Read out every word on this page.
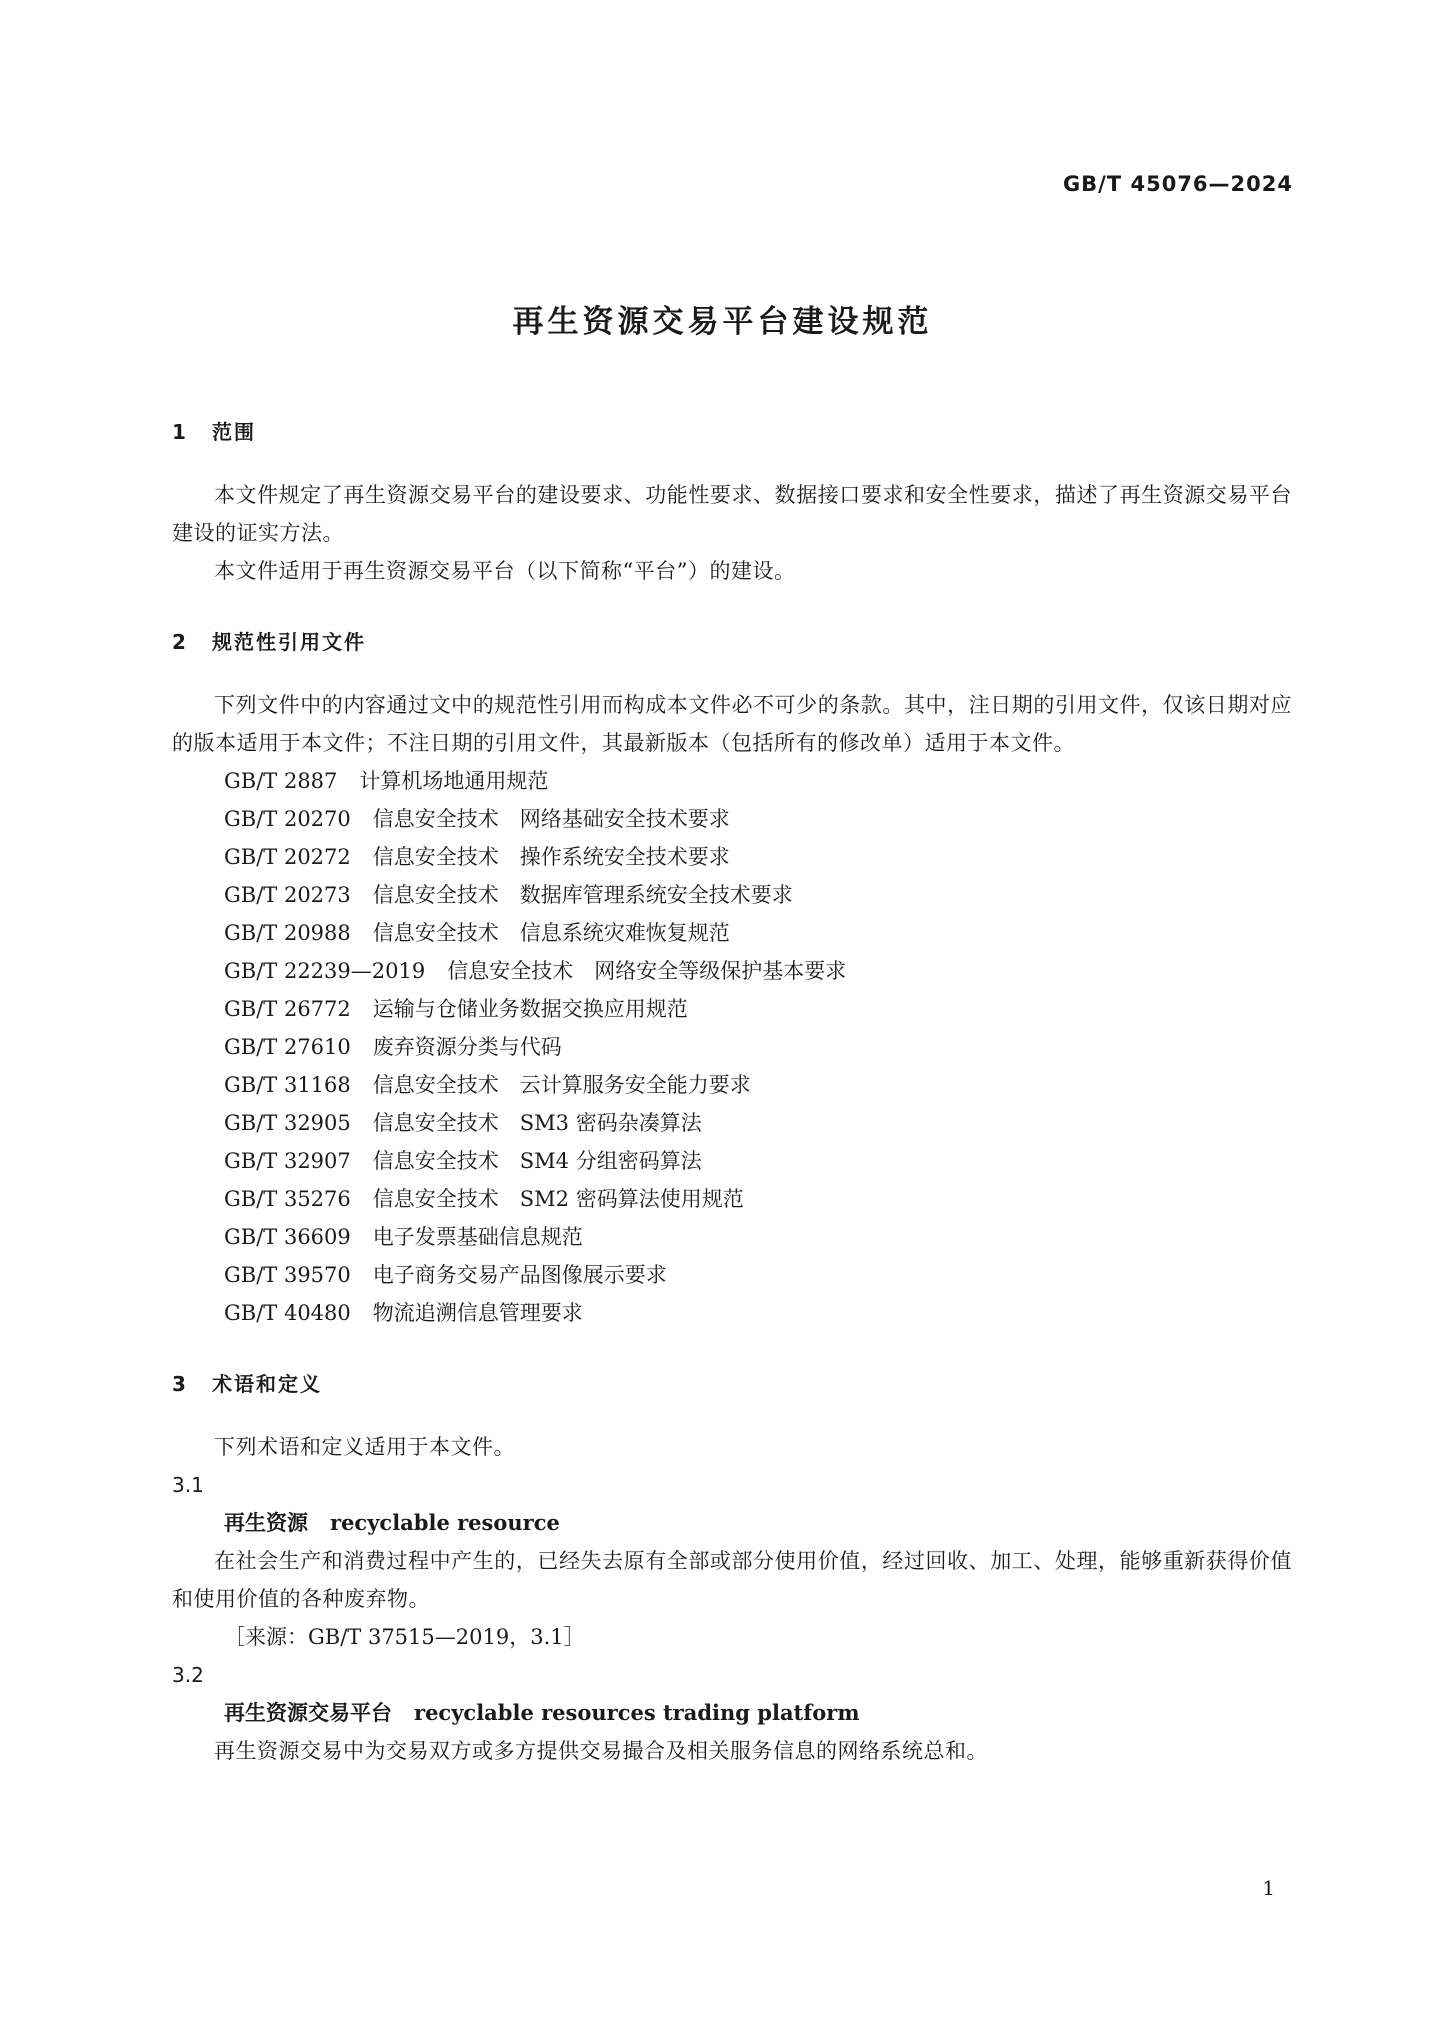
GB/T 45076—2024
再生资源交易平台建设规范
1 范围
本文件规定了再生资源交易平台的建设要求、功能性要求、数据接口要求和安全性要求，描述了再生资源交易平台建设的证实方法。
本文件适用于再生资源交易平台（以下简称“平台”）的建设。
2 规范性引用文件
下列文件中的内容通过文中的规范性引用而构成本文件必不可少的条款。其中，注日期的引用文件，仅该日期对应的版本适用于本文件；不注日期的引用文件，其最新版本（包括所有的修改单）适用于本文件。
GB/T 2887 计算机场地通用规范
GB/T 20270 信息安全技术　网络基础安全技术要求
GB/T 20272 信息安全技术　操作系统安全技术要求
GB/T 20273 信息安全技术　数据库管理系统安全技术要求
GB/T 20988 信息安全技术　信息系统灾难恢复规范
GB/T 22239—2019 信息安全技术　网络安全等级保护基本要求
GB/T 26772 运输与仓储业务数据交换应用规范
GB/T 27610 废弃资源分类与代码
GB/T 31168 信息安全技术　云计算服务安全能力要求
GB/T 32905 信息安全技术　SM3 密码杂凑算法
GB/T 32907 信息安全技术　SM4 分组密码算法
GB/T 35276 信息安全技术　SM2 密码算法使用规范
GB/T 36609 电子发票基础信息规范
GB/T 39570 电子商务交易产品图像展示要求
GB/T 40480 物流追溯信息管理要求
3 术语和定义
下列术语和定义适用于本文件。
3.1
再生资源 recyclable resource
在社会生产和消费过程中产生的，已经失去原有全部或部分使用价值，经过回收、加工、处理，能够重新获得价值和使用价值的各种废弃物。
［来源：GB/T 37515—2019，3.1］
3.2
再生资源交易平台 recyclable resources trading platform
再生资源交易中为交易双方或多方提供交易撮合及相关服务信息的网络系统总和。
1
